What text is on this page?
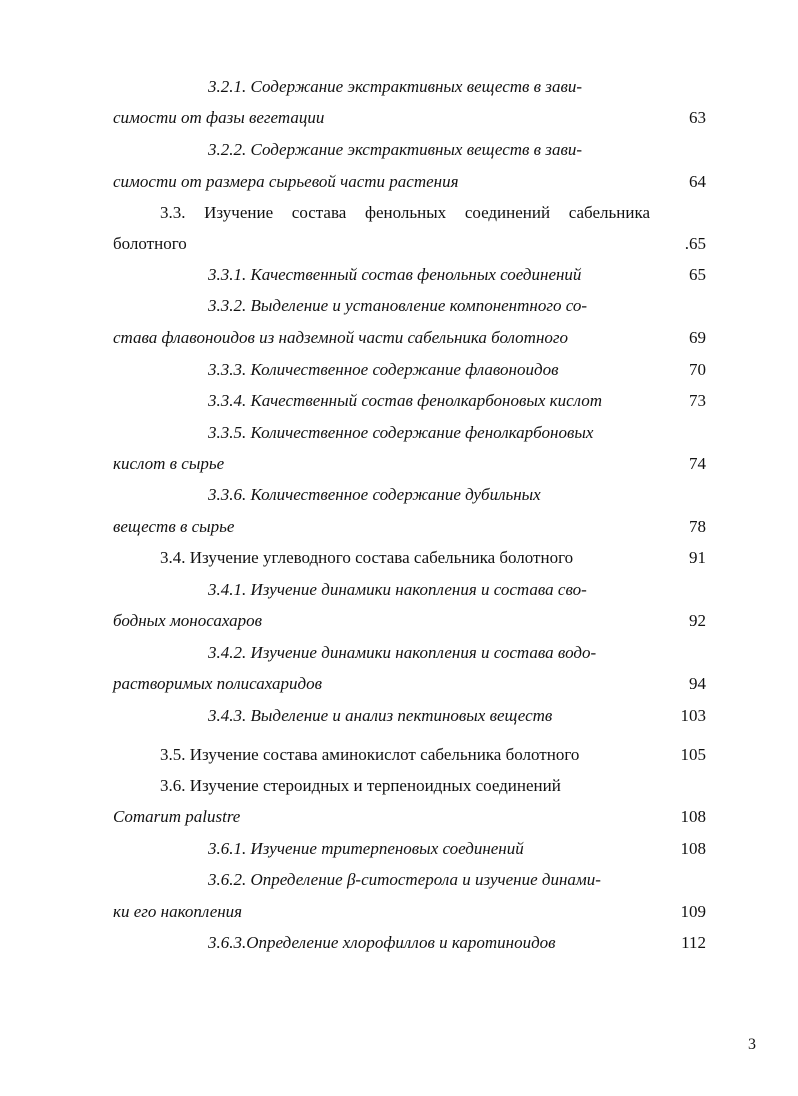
3.2.1. Содержание экстрактивных веществ в зави-
симости от фазы вегетации	63
3.2.2. Содержание экстрактивных веществ в зави-
симости от размера сырьевой части растения	64
3.3. Изучение состава фенольных соединений сабельника
болотного	.65
3.3.1. Качественный состав фенольных соединений	65
3.3.2. Выделение и установление компонентного со-
става флавоноидов из надземной части сабельника болотного	69
3.3.3. Количественное содержание флавоноидов	70
3.3.4. Качественный состав фенолкарбоновых кислот	73
3.3.5. Количественное содержание фенолкарбоновых
кислот в сырье	74
3.3.6. Количественное содержание дубильных
веществ в сырье	78
3.4. Изучение углеводного состава сабельника болотного	91
3.4.1. Изучение динамики накопления и состава сво-
бодных моносахаров	92
3.4.2. Изучение динамики накопления и состава водо-
растворимых полисахаридов	94
3.4.3. Выделение и анализ пектиновых веществ	103
3.5. Изучение состава аминокислот сабельника болотного	105
3.6. Изучение стероидных и терпеноидных соединений
Comarum palustre	108
3.6.1. Изучение тритерпеновых соединений	108
3.6.2. Определение β-ситостерола и изучение динами-
ки его накопления	109
3.6.3.Определение хлорофиллов и каротиноидов	112
3
